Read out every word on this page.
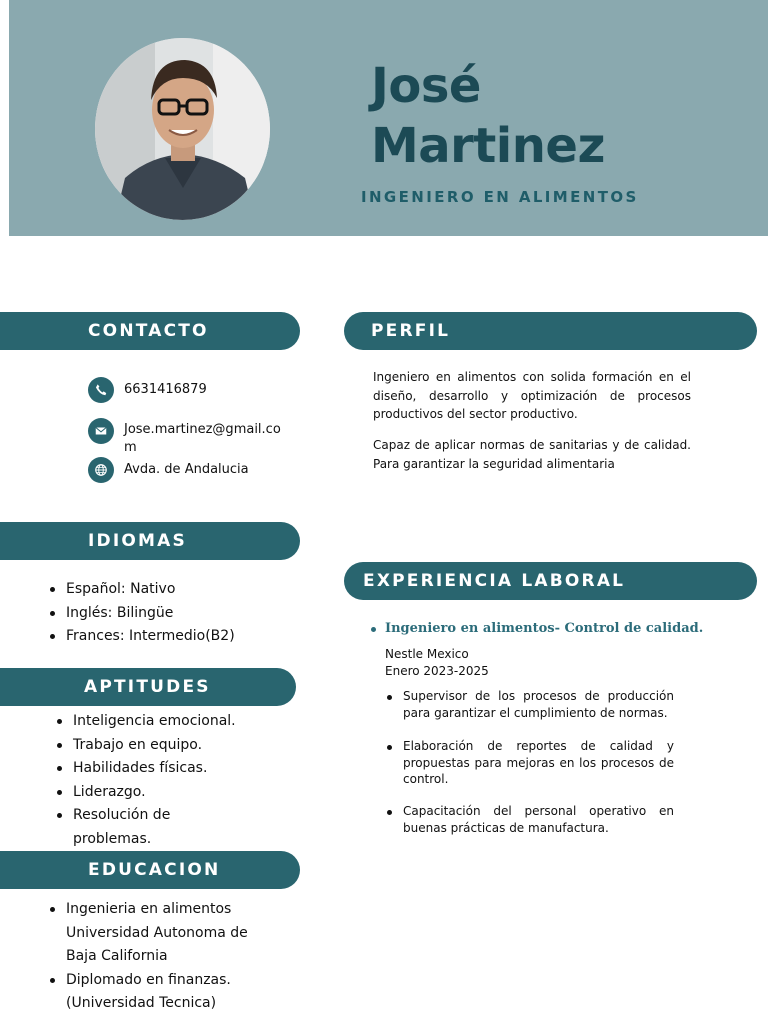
José
Martinez

INGENIERO EN ALIMENTOS

CONTACTO
6631416879
Jose.martinez@gmail.com
Avda. de Andalucia
IDIOMAS
Español: Nativo
Inglés: Bilingüe
Frances: Intermedio(B2)
APTITUDES
Inteligencia emocional.
Trabajo en equipo.
Habilidades físicas.
Liderazgo.
Resolución de problemas.
EDUCACION
Ingenieria en alimentos Universidad Autonoma de Baja California
Diplomado en finanzas. (Universidad Tecnica)
PERFIL

Ingeniero en alimentos con solida formación en el diseño, desarrollo y optimización de procesos productivos del sector productivo.

Capaz de aplicar normas de sanitarias y de calidad. Para garantizar la seguridad alimentaria

EXPERIENCIA LABORAL
Ingeniero en alimentos- Control de calidad.
Nestle Mexico
Enero 2023-2025
Supervisor de los procesos de producción para garantizar el cumplimiento de normas.
Elaboración de reportes de calidad y propuestas para mejoras en los procesos de control.
Capacitación del personal operativo en buenas prácticas de manufactura.
